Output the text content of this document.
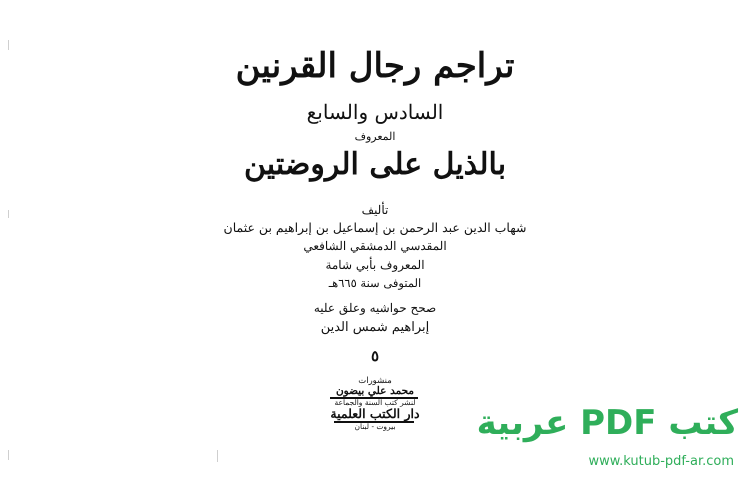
تراجم رجال القرنين
السادس والسابع
المعروف
بالذيل على الروضتين
تأليف
شهاب الدين عبد الرحمن بن إسماعيل بن إبراهيم بن عثمان
المقدسي الدمشقي الشافعي
المعروف بأبي شامة
المتوفى سنة ٦٦٥هـ
صحح حواشيه وعلق عليه
إبراهيم شمس الدين
٥
منشورات
محمد علي بيضون
لنشر كتب السنة والجماعة
دار الكتب العلمية
بيروت - لبنان	كتب PDF عربية
www.kutub-pdf-ar.com
